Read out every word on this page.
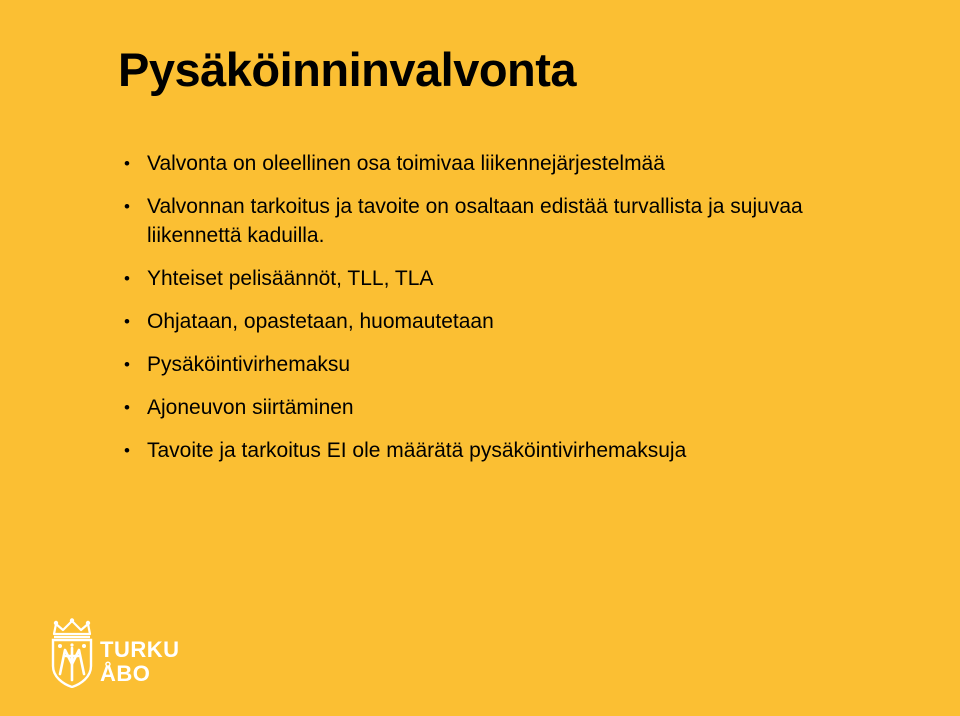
Pysäköinninvalvonta
• Valvonta on oleellinen osa toimivaa liikennejärjestelmää
• Valvonnan tarkoitus ja tavoite on osaltaan edistää turvallista ja sujuvaa liikennettä kaduilla.
• Yhteiset pelisäännöt, TLL, TLA
• Ohjataan, opastetaan, huomautetaan
• Pysäköintivirhemaksu
• Ajoneuvon siirtäminen
• Tavoite ja tarkoitus EI ole määrätä pysäköintivirhemaksuja
TURKU
ÅBO
